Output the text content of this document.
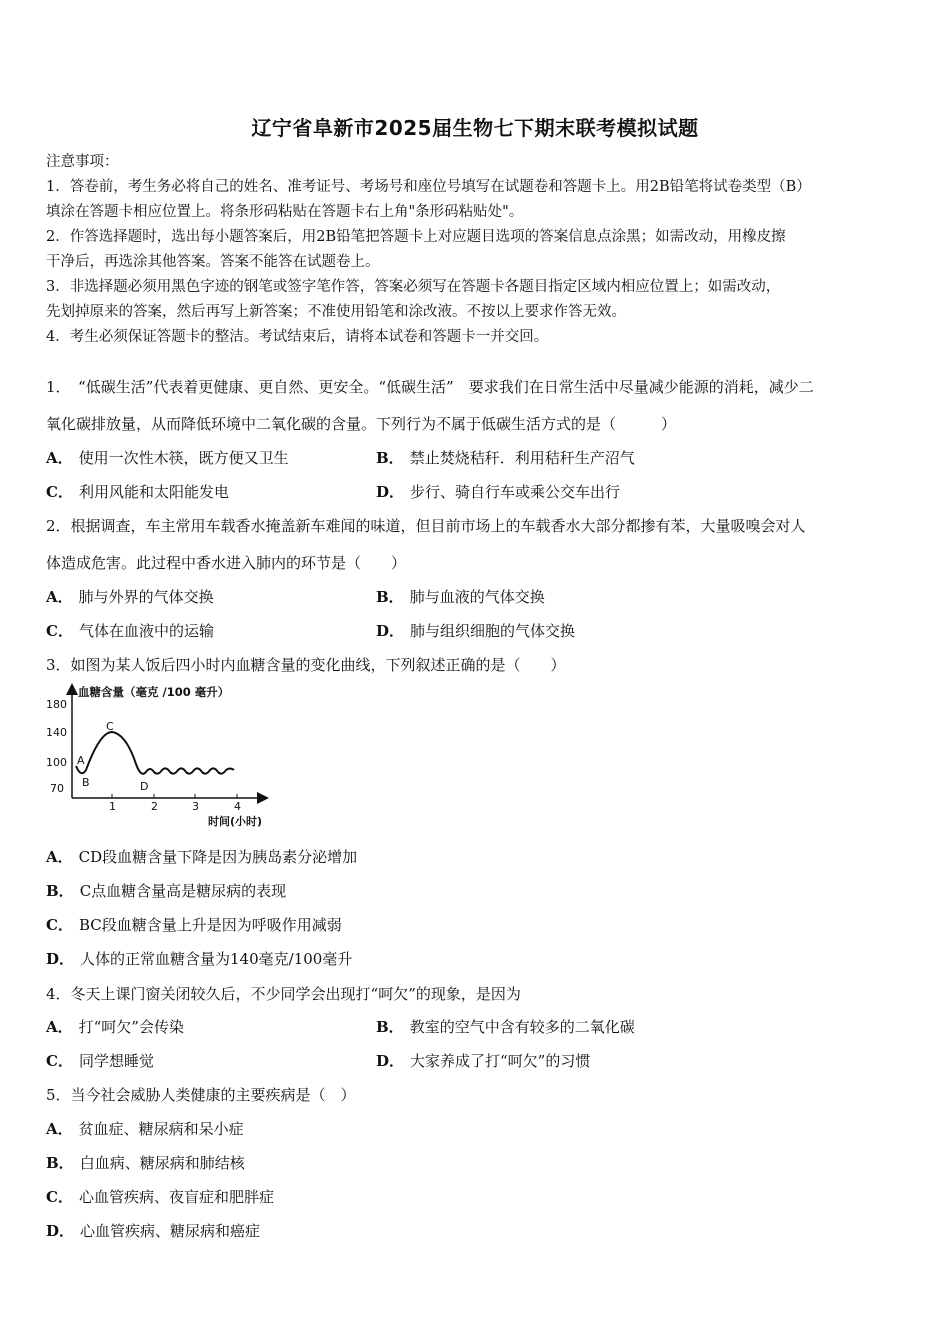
辽宁省阜新市2025届生物七下期末联考模拟试题
注意事项：
1．答卷前，考生务必将自己的姓名、准考证号、考场号和座位号填写在试题卷和答题卡上。用2B铅笔将试卷类型（B）
填涂在答题卡相应位置上。将条形码粘贴在答题卡右上角"条形码粘贴处"。
2．作答选择题时，选出每小题答案后，用2B铅笔把答题卡上对应题目选项的答案信息点涂黑；如需改动，用橡皮擦
干净后，再选涂其他答案。答案不能答在试题卷上。
3．非选择题必须用黑色字迹的钢笔或签字笔作答，答案必须写在答题卡各题目指定区域内相应位置上；如需改动，
先划掉原来的答案，然后再写上新答案；不准使用铅笔和涂改液。不按以上要求作答无效。
4．考生必须保证答题卡的整洁。考试结束后，请将本试卷和答题卡一并交回。
1．　“低碳生活”代表着更健康、更自然、更安全。“低碳生活”　要求我们在日常生活中尽量减少能源的消耗，减少二
氧化碳排放量，从而降低环境中二氧化碳的含量。下列行为不属于低碳生活方式的是（　　　）
A． 使用一次性木筷，既方便又卫生	B． 禁止焚烧秸秆．利用秸秆生产沼气
C． 利用风能和太阳能发电	D． 步行、骑自行车或乘公交车出行
2．根据调查，车主常用车载香水掩盖新车难闻的味道，但目前市场上的车载香水大部分都掺有苯，大量吸嗅会对人
体造成危害。此过程中香水进入肺内的环节是（　　）
A． 肺与外界的气体交换	B． 肺与血液的气体交换
C． 气体在血液中的运输	D． 肺与组织细胞的气体交换
3．如图为某人饭后四小时内血糖含量的变化曲线，下列叙述正确的是（　　）
血糖含量（毫克 /100 毫升）
180
140
100
70
1	2	3	4
A
B
C
D
时间(小时)
A． CD段血糖含量下降是因为胰岛素分泌增加
B． C点血糖含量高是糖尿病的表现
C． BC段血糖含量上升是因为呼吸作用减弱
D． 人体的正常血糖含量为140毫克/100毫升
4．冬天上课门窗关闭较久后，不少同学会出现打“呵欠”的现象，是因为
A． 打“呵欠”会传染	B． 教室的空气中含有较多的二氧化碳
C． 同学想睡觉	D． 大家养成了打“呵欠”的习惯
5．当今社会威胁人类健康的主要疾病是（　）
A． 贫血症、糖尿病和呆小症
B． 白血病、糖尿病和肺结核
C． 心血管疾病、夜盲症和肥胖症
D． 心血管疾病、糖尿病和癌症
